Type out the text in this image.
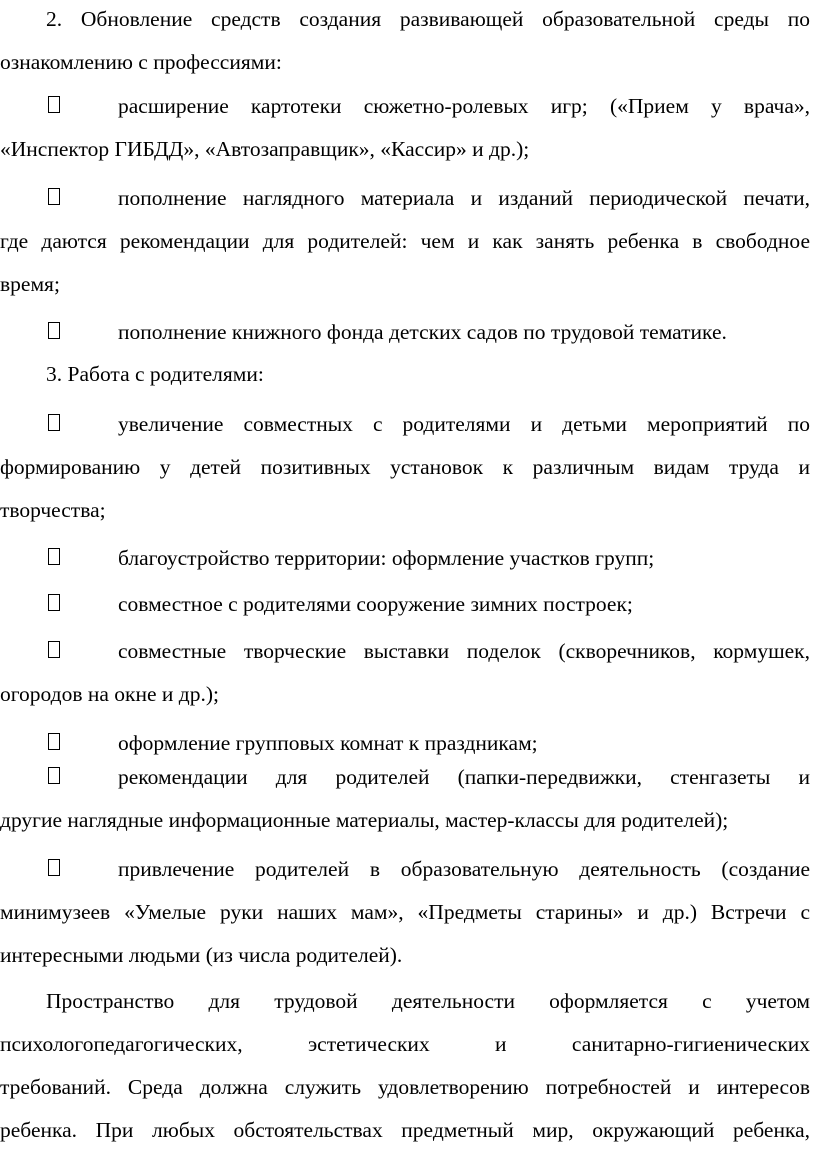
2. Обновление средств создания развивающей образовательной среды по
ознакомлению с профессиями:
расширение картотеки сюжетно-ролевых игр; («Прием у врача»,
«Инспектор ГИБДД», «Автозаправщик», «Кассир» и др.);
пополнение наглядного материала и изданий периодической печати,
где даются рекомендации для родителей: чем и как занять ребенка в свободное
время;
пополнение книжного фонда детских садов по трудовой тематике.
3. Работа с родителями:
увеличение совместных с родителями и детьми мероприятий по
формированию у детей позитивных установок к различным видам труда и
творчества;
благоустройство территории: оформление участков групп;
совместное с родителями сооружение зимних построек;
совместные творческие выставки поделок (скворечников, кормушек,
огородов на окне и др.);
оформление групповых комнат к праздникам;
рекомендации для родителей (папки-передвижки, стенгазеты и
другие наглядные информационные материалы, мастер-классы для родителей);
привлечение родителей в образовательную деятельность (создание
минимузеев «Умелые руки наших мам», «Предметы старины» и др.) Встречи с
интересными людьми (из числа родителей).
Пространство для трудовой деятельности оформляется с учетом
психологопедагогических, эстетических и санитарно-гигиенических
требований. Среда должна служить удовлетворению потребностей и интересов
ребенка. При любых обстоятельствах предметный мир, окружающий ребенка,
